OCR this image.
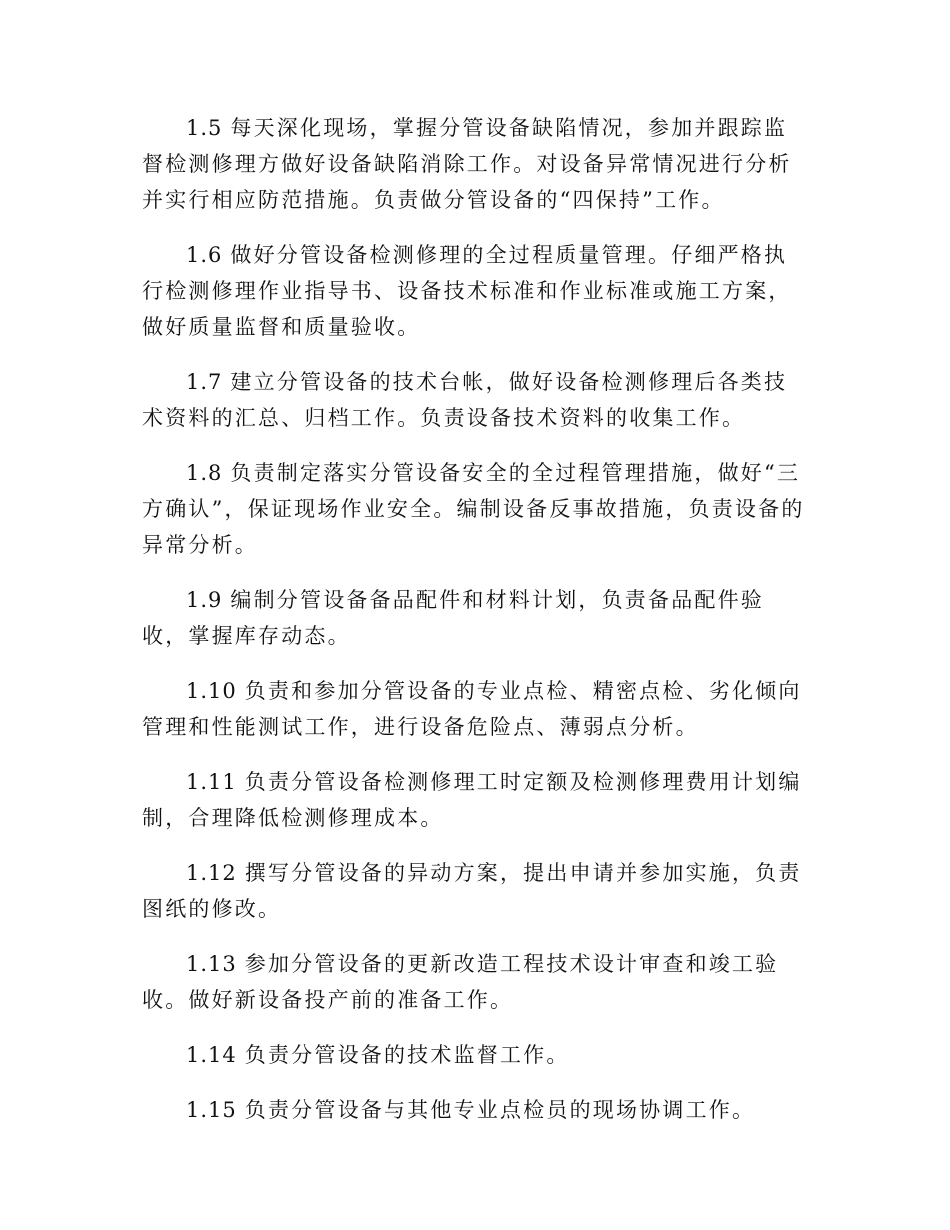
1.5 每天深化现场，掌握分管设备缺陷情况，参加并跟踪监督检测修理方做好设备缺陷消除工作。对设备异常情况进行分析并实行相应防范措施。负责做分管设备的“四保持”工作。

1.6 做好分管设备检测修理的全过程质量管理。仔细严格执行检测修理作业指导书、设备技术标准和作业标准或施工方案，做好质量监督和质量验收。

1.7 建立分管设备的技术台帐，做好设备检测修理后各类技术资料的汇总、归档工作。负责设备技术资料的收集工作。

1.8 负责制定落实分管设备安全的全过程管理措施，做好“三方确认”，保证现场作业安全。编制设备反事故措施，负责设备的异常分析。

1.9 编制分管设备备品配件和材料计划，负责备品配件验收，掌握库存动态。

1.10 负责和参加分管设备的专业点检、精密点检、劣化倾向管理和性能测试工作，进行设备危险点、薄弱点分析。

1.11 负责分管设备检测修理工时定额及检测修理费用计划编制，合理降低检测修理成本。

1.12 撰写分管设备的异动方案，提出申请并参加实施，负责图纸的修改。

1.13 参加分管设备的更新改造工程技术设计审查和竣工验收。做好新设备投产前的准备工作。

1.14 负责分管设备的技术监督工作。

1.15 负责分管设备与其他专业点检员的现场协调工作。
